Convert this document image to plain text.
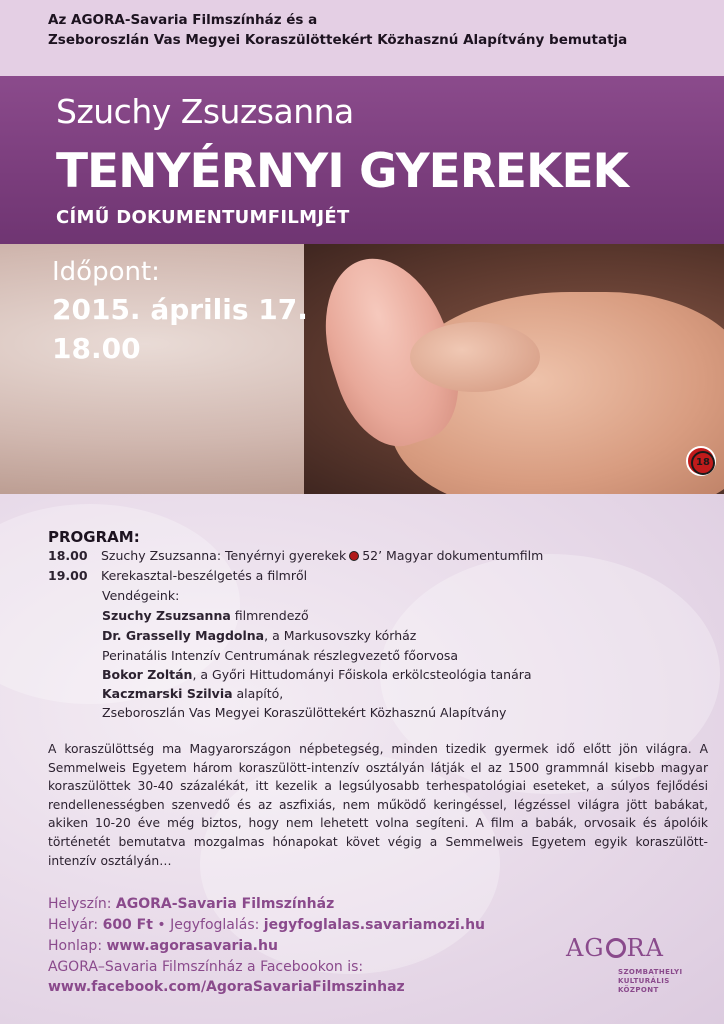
Az AGORA-Savaria Filmszínház és a
Zseboroszlán Vas Megyei Koraszülöttekért Közhasznú Alapítvány bemutatja
Szuchy Zsuzsanna
TENYÉRNYI GYEREKEK
CÍMŰ DOKUMENTUMFILMJÉT
Időpont:
2015. április 17.
18.00
18
PROGRAM:
18.00 Szuchy Zsuzsanna: Tenyérnyi gyerekek 52’ Magyar dokumentumfilm
19.00 Kerekasztal-beszélgetés a filmről
Vendégeink:
Szuchy Zsuzsanna filmrendező
Dr. Grasselly Magdolna, a Markusovszky kórház
Perinatális Intenzív Centrumának részlegvezető főorvosa
Bokor Zoltán, a Győri Hittudományi Főiskola erkölcsteológia tanára
Kaczmarski Szilvia alapító,
Zseboroszlán Vas Megyei Koraszülöttekért Közhasznú Alapítvány
A koraszülöttség ma Magyarországon népbetegség, minden tizedik gyermek idő előtt jön világra. A Semmelweis Egyetem három koraszülött-intenzív osztályán látják el az 1500 grammnál kisebb magyar koraszülöttek 30-40 százalékát, itt kezelik a legsúlyosabb terhespatológiai eseteket, a súlyos fejlődési rendellenességben szenvedő és az aszfixiás, nem működő keringéssel, légzéssel világra jött babákat, akiken 10-20 éve még biztos, hogy nem lehetett volna segíteni. A film a babák, orvosaik és ápolóik történetét bemutatva mozgalmas hónapokat követ végig a Semmelweis Egyetem egyik koraszülött-intenzív osztályán…
Helyszín: AGORA-Savaria Filmszínház
Helyár: 600 Ft • Jegyfoglalás: jegyfoglalas.savariamozi.hu
Honlap: www.agorasavaria.hu
AGORA–Savaria Filmszínház a Facebookon is:
www.facebook.com/AgoraSavariaFilmszinhaz
AG RA
SZOMBATHELYI
KULTURÁLIS
KÖZPONT
